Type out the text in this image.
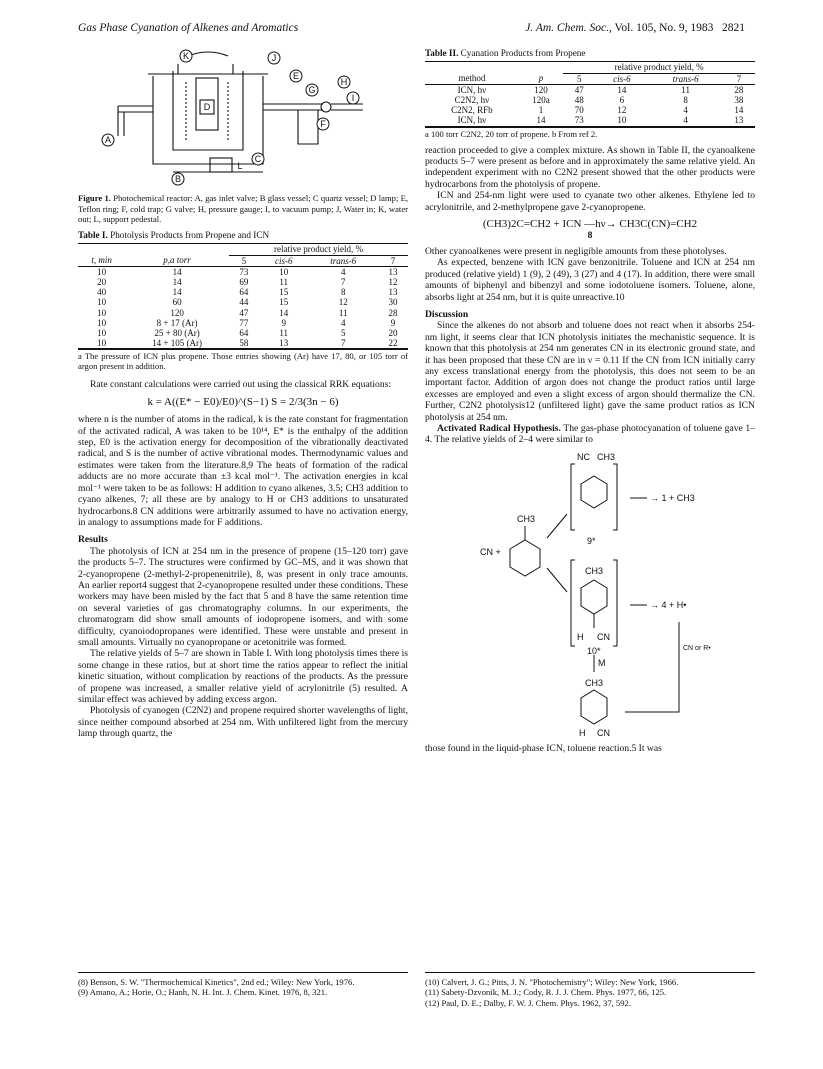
Gas Phase Cyanation of Alkenes and Aromatics	J. Am. Chem. Soc., Vol. 105, No. 9, 1983 2821
K	J
E
G
H
I
F
D
A
B
C
L

Figure 1. Photochemical reactor: A, gas inlet valve; B glass vessel; C quartz vessel; D lamp; E, Teflon ring; F, cold trap; G valve; H, pressure gauge; I, to vacuum pump; J, Water in; K, water out; L, support pedestal.

Table I. Photolysis Products from Propene and ICN
		relative product yield, %			
t, min	p,a torr	5	cis-6	trans-6	7
10	14	73	10	4	13
20	14	69	11	7	12
40	14	64	15	8	13
10	60	44	15	12	30
10	120	47	14	11	28
10	8 + 17 (Ar)	77	9	4	9
10	25 + 80 (Ar)	64	11	5	20
10	14 + 105 (Ar)	58	13	7	22

a The pressure of ICN plus propene. Those entries showing (Ar) have 17, 80, or 105 torr of argon present in addition.

Rate constant calculations were carried out using the classical RRK equations:

k = A((E* − E0)/E0)^(S−1) S = 2/3(3n − 6)

where n is the number of atoms in the radical, k is the rate constant for fragmentation of the activated radical, A was taken to be 10¹⁴, E* is the enthalpy of the addition step, E0 is the activation energy for decomposition of the vibrationally deactivated radical, and S is the number of active vibrational modes. Thermodynamic values and estimates were taken from the literature.8,9 The heats of formation of the radical adducts are no more accurate than ±3 kcal mol⁻¹. The activation energies in kcal mol⁻¹ were taken to be as follows: H addition to cyano alkenes, 3.5; CH3 addition to cyano alkenes, 7; all these are by analogy to H or CH3 additions to unsaturated hydrocarbons.8 CN additions were arbitrarily assumed to have no activation energy, in analogy to assumptions made for F additions.

Results

The photolysis of ICN at 254 nm in the presence of propene (15–120 torr) gave the products 5–7. The structures were confirmed by GC–MS, and it was shown that 2-cyanopropene (2-methyl-2-propenenitrile), 8, was present in only trace amounts. An earlier report4 suggest that 2-cyanopropene resulted under these conditions. These workers may have been misled by the fact that 5 and 8 have the same retention time on several varieties of gas chromatography columns. In our experiments, the chromatogram did show small amounts of iodopropene isomers, and with some difficulty, cyanoiodopropanes were identified. These were unstable and present in small amounts. Virtually no cyanopropane or acetonitrile was formed.

The relative yields of 5–7 are shown in Table I. With long photolysis times there is some change in these ratios, but at short time the ratios appear to reflect the initial kinetic situation, without complication by reactions of the products. As the pressure of propene was increased, a smaller relative yield of acrylonitrile (5) resulted. A similar effect was achieved by adding excess argon.

Photolysis of cyanogen (C2N2) and propene required shorter wavelengths of light, since neither compound absorbed at 254 nm. With unfiltered light from the mercury lamp through quartz, the

Table II. Cyanation Products from Propene
		relative product yield, %			
method	p	5	cis-6	trans-6	7
ICN, hν	120	47	14	11	28
C2N2, hν	120a	48	6	8	38
C2N2, RFb	1	70	12	4	14
ICN, hν	14	73	10	4	13

a 100 torr C2N2, 20 torr of propene. b From ref 2.

reaction proceeded to give a complex mixture. As shown in Table II, the cyanoalkene products 5–7 were present as before and in approximately the same relative yield. An independent experiment with no C2N2 present showed that the other products were hydrocarbons from the photolysis of propene.

ICN and 254-nm light were used to cyanate two other alkenes. Ethylene led to acrylonitrile, and 2-methylpropene gave 2-cyanopropene.

(CH3)2C=CH2 + ICN —hν→ CH3C(CN)=CH2
8

Other cyanoalkenes were present in negligible amounts from these photolyses.

As expected, benzene with ICN gave benzonitrile. Toluene and ICN at 254 nm produced (relative yield) 1 (9), 2 (49), 3 (27) and 4 (17). In addition, there were small amounts of biphenyl and bibenzyl and some iodotoluene isomers. Toluene, alone, absorbs light at 254 nm, but it is quite unreactive.10

Discussion

Since the alkenes do not absorb and toluene does not react when it absorbs 254-nm light, it seems clear that ICN photolysis initiates the mechanistic sequence. It is known that this photolysis at 254 nm generates CN in its electronic ground state, and it has been proposed that these CN are in ν = 0.11 If the CN from ICN initially carry any excess translational energy from the photolysis, this does not seem to be an important factor. Addition of argon does not change the product ratios until large excesses are employed and even a slight excess of argon should thermalize the CN. Further, C2N2 photolysis12 (unfiltered light) gave the same product ratios as ICN photolysis at 254 nm.

Activated Radical Hypothesis. The gas-phase photocyanation of toluene gave 1–4. The relative yields of 2–4 were similar to

CN +
CH3
NC CH3
9*
CH3
H CN
10*
→ 1 + CH3
→ 4 + H•
M
CN or R•
CH3
H CN

those found in the liquid-phase ICN, toluene reaction.5 It was

(8) Benson, S. W. "Thermochemical Kinetics", 2nd ed.; Wiley: New York, 1976.
(9) Amano, A.; Horie, O.; Hanh, N. H. Int. J. Chem. Kinet. 1976, 8, 321.
(10) Calvert, J. G.; Pitts, J. N. "Photochemistry"; Wiley: New York, 1966.
(11) Sabety-Dzvonik, M. J.; Cody, R. J. J. Chem. Phys. 1977, 66, 125.
(12) Paul, D. E.; Dalby, F. W. J. Chem. Phys. 1962, 37, 592.
